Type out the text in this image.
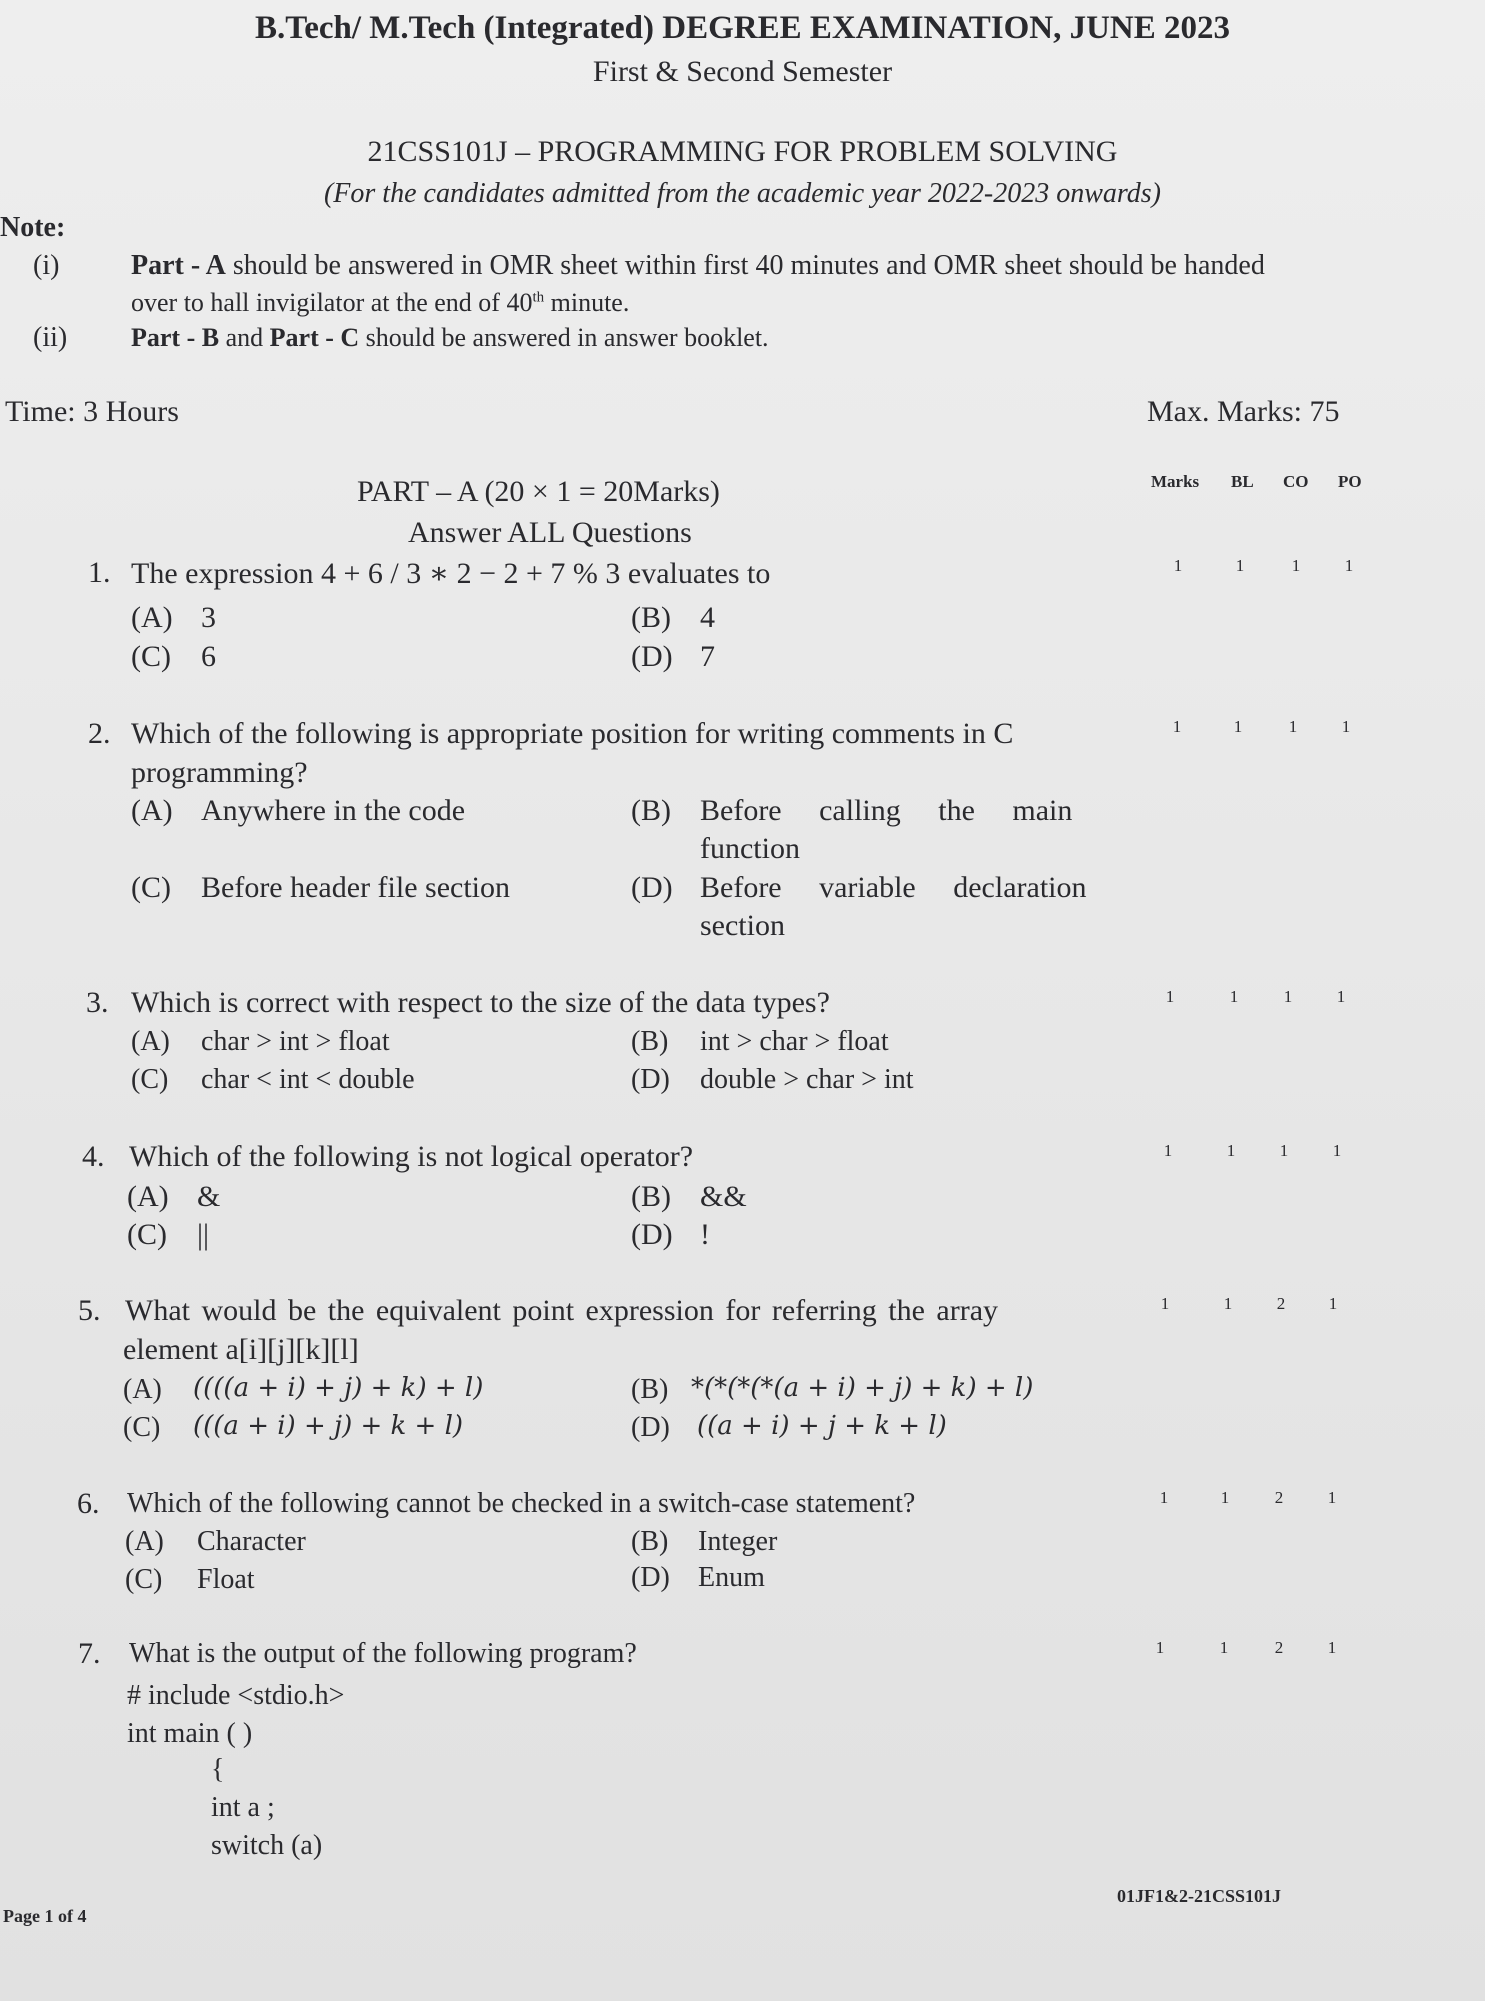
B.Tech/ M.Tech (Integrated) DEGREE EXAMINATION, JUNE 2023
First & Second Semester
21CSS101J – PROGRAMMING FOR PROBLEM SOLVING
(For the candidates admitted from the academic year 2022-2023 onwards)
Note:
(i)	Part - A should be answered in OMR sheet within first 40 minutes and OMR sheet should be handed
over to hall invigilator at the end of 40th minute.
(ii) Part - B and Part - C should be answered in answer booklet.
Time: 3 Hours	Max. Marks: 75
PART – A (20 × 1 = 20Marks)
Answer ALL Questions
Marks BL CO PO
1. The expression 4 + 6 / 3 ∗ 2 − 2 + 7 % 3 evaluates to	1	1	1	1
(A) 3	(B) 4
(C) 6	(D) 7
2. Which of the following is appropriate position for writing comments in C
programming?
1	1	1	1
(A) Anywhere in the code	(B) Before     calling     the     main
function
(C) Before header file section	(D) Before     variable     declaration
section
3. Which is correct with respect to the size of the data types?	1	1	1	1
(A) char > int > float	(B) int > char > float
(C) char < int < double	(D) double > char > int
4. Which of the following is not logical operator?	1	1	1	1
(A) &	(B) &&
(C) ||	(D) !
5. What would be the equivalent point expression for referring the array
element a[i][j][k][l]
1	1	2	1
(A) ((((a + i) + j) + k) + l)	(B) *(*(*(*(a + i) + j) + k) + l)
(C) (((a + i) + j) + k + l)	(D) ((a + i) + j + k + l)
6. Which of the following cannot be checked in a switch-case statement?	1	1	2	1
(A) Character	(B) Integer
(C) Float	(D) Enum
7. What is the output of the following program?	1	1	2	1
# include <stdio.h>
int main ( )
{
int a ;
switch (a)
Page 1 of 4
01JF1&2-21CSS101J
